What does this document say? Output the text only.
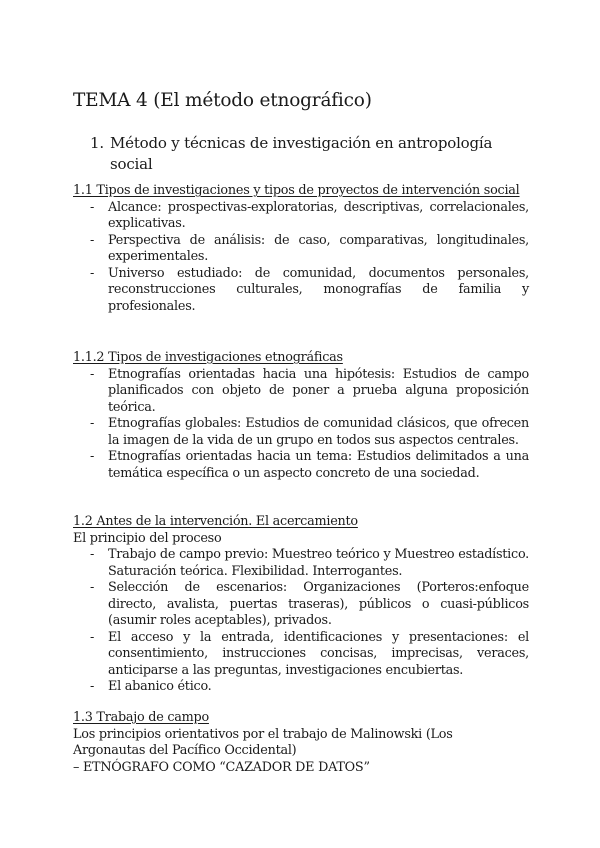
TEMA 4 (El método etnográfico)
1. Método y técnicas de investigación en antropología
social
1.1 Tipos de investigaciones y tipos de proyectos de intervención social
- Alcance: prospectivas-exploratorias, descriptivas, correlacionales, explicativas.
- Perspectiva de análisis: de caso, comparativas, longitudinales, experimentales.
- Universo estudiado: de comunidad, documentos personales, reconstrucciones culturales, monografías de familia y profesionales.
1.1.2 Tipos de investigaciones etnográficas
- Etnografías orientadas hacia una hipótesis: Estudios de campo planificados con objeto de poner a prueba alguna proposición teórica.
- Etnografías globales: Estudios de comunidad clásicos, que ofrecen la imagen de la vida de un grupo en todos sus aspectos centrales.
- Etnografías orientadas hacia un tema: Estudios delimitados a una temática específica o un aspecto concreto de una sociedad.
1.2 Antes de la intervención. El acercamiento
El principio del proceso
- Trabajo de campo previo: Muestreo teórico y Muestreo estadístico. Saturación teórica. Flexibilidad. Interrogantes.
- Selección de escenarios: Organizaciones (Porteros:enfoque directo, avalista, puertas traseras), públicos o cuasi-públicos (asumir roles aceptables), privados.
- El acceso y la entrada, identificaciones y presentaciones: el consentimiento, instrucciones concisas, imprecisas, veraces, anticiparse a las preguntas, investigaciones encubiertas.
- El abanico ético.
1.3 Trabajo de campo
Los principios orientativos por el trabajo de Malinowski (Los Argonautas del Pacífico Occidental)
– ETNÓGRAFO COMO “CAZADOR DE DATOS”
